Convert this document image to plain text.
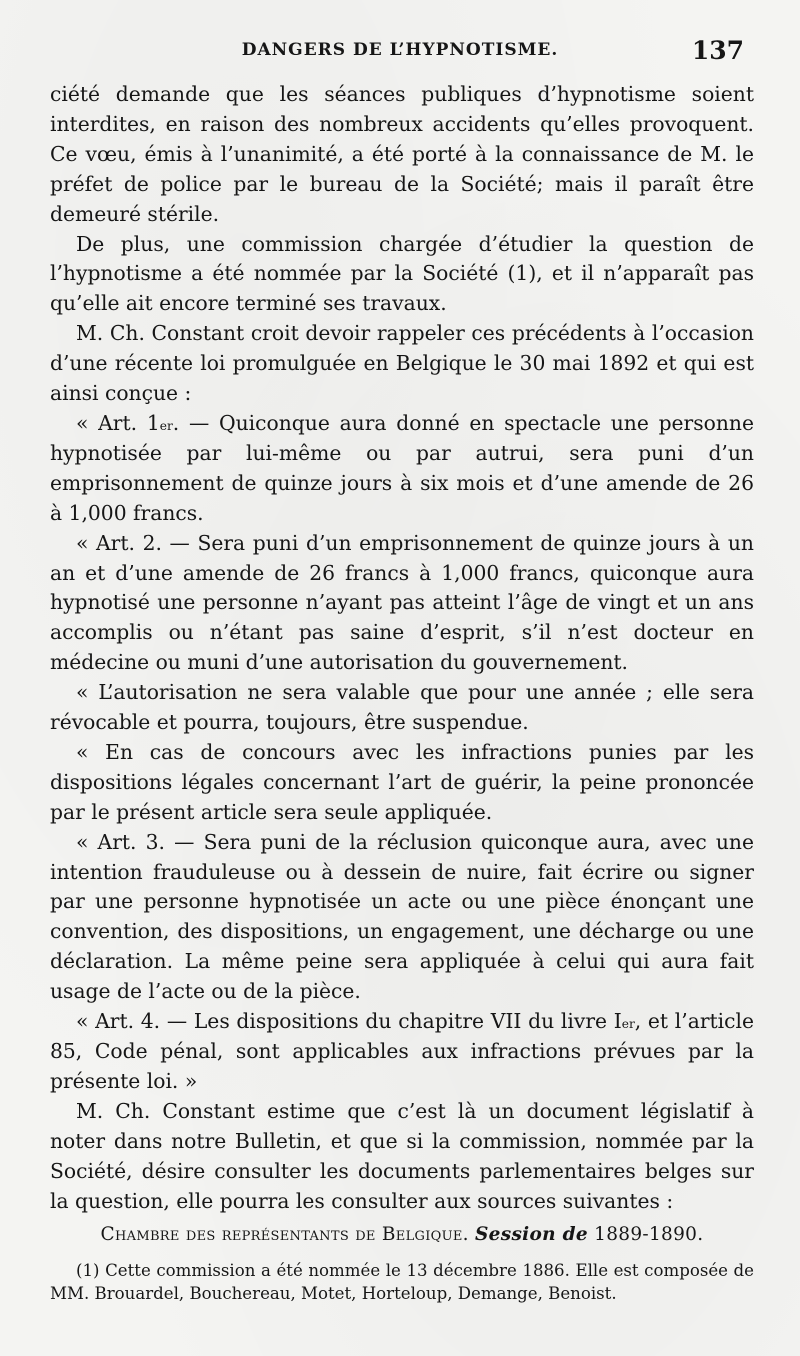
DANGERS DE L’HYPNOTISME.	137

ciété demande que les séances publiques d’hypnotisme soient interdites, en raison des nombreux accidents qu’elles provoquent. Ce vœu, émis à l’unanimité, a été porté à la connaissance de M. le préfet de police par le bureau de la Société; mais il paraît être demeuré stérile.

De plus, une commission chargée d’étudier la question de l’hypnotisme a été nommée par la Société (1), et il n’apparaît pas qu’elle ait encore terminé ses travaux.

M. Ch. Constant croit devoir rappeler ces précédents à l’occasion d’une récente loi promulguée en Belgique le 30 mai 1892 et qui est ainsi conçue :

« Art. 1er. — Quiconque aura donné en spectacle une personne hypnotisée par lui-même ou par autrui, sera puni d’un emprisonnement de quinze jours à six mois et d’une amende de 26 à 1,000 francs.

« Art. 2. — Sera puni d’un emprisonnement de quinze jours à un an et d’une amende de 26 francs à 1,000 francs, quiconque aura hypnotisé une personne n’ayant pas atteint l’âge de vingt et un ans accomplis ou n’étant pas saine d’esprit, s’il n’est docteur en médecine ou muni d’une autorisation du gouvernement.

« L’autorisation ne sera valable que pour une année ; elle sera révocable et pourra, toujours, être suspendue.

« En cas de concours avec les infractions punies par les dispositions légales concernant l’art de guérir, la peine prononcée par le présent article sera seule appliquée.

« Art. 3. — Sera puni de la réclusion quiconque aura, avec une intention frauduleuse ou à dessein de nuire, fait écrire ou signer par une personne hypnotisée un acte ou une pièce énonçant une convention, des dispositions, un engagement, une décharge ou une déclaration. La même peine sera appliquée à celui qui aura fait usage de l’acte ou de la pièce.

« Art. 4. — Les dispositions du chapitre VII du livre Ier, et l’article 85, Code pénal, sont applicables aux infractions prévues par la présente loi. »

M. Ch. Constant estime que c’est là un document législatif à noter dans notre Bulletin, et que si la commission, nommée par la Société, désire consulter les documents parlementaires belges sur la question, elle pourra les consulter aux sources suivantes :

Chambre des représentants de Belgique. Session de 1889-1890.

(1) Cette commission a été nommée le 13 décembre 1886. Elle est composée de MM. Brouardel, Bouchereau, Motet, Horteloup, Demange, Benoist.
